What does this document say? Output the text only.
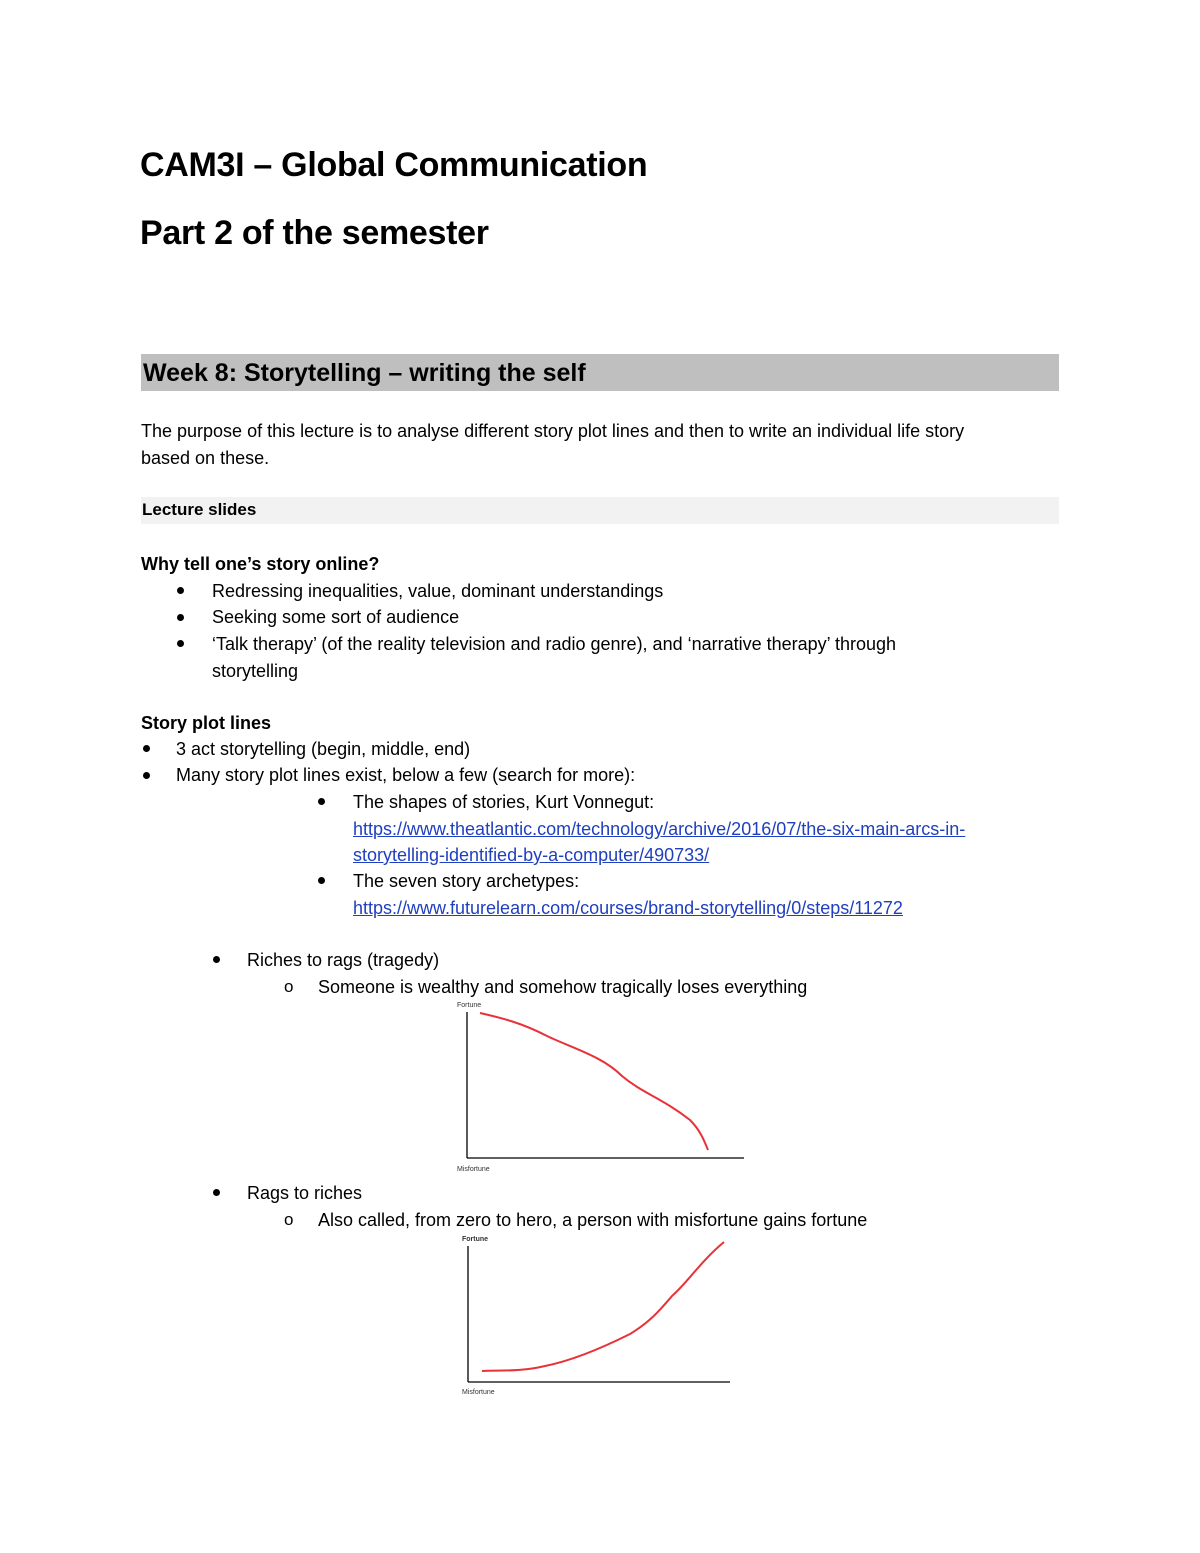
CAM3I – Global Communication
Part 2 of the semester
Week 8: Storytelling – writing the self
The purpose of this lecture is to analyse different story plot lines and then to write an individual life story
based on these.
Lecture slides
Why tell one’s story online?
Redressing inequalities, value, dominant understandings
Seeking some sort of audience
‘Talk therapy’ (of the reality television and radio genre), and ‘narrative therapy’ through
storytelling
Story plot lines
3 act storytelling (begin, middle, end)
Many story plot lines exist, below a few (search for more):
The shapes of stories, Kurt Vonnegut:
https://www.theatlantic.com/technology/archive/2016/07/the-six-main-arcs-in-
storytelling-identified-by-a-computer/490733/
The seven story archetypes:
https://www.futurelearn.com/courses/brand-storytelling/0/steps/11272
Riches to rags (tragedy)
o Someone is wealthy and somehow tragically loses everything
Fortune
Misfortune
Rags to riches
o Also called, from zero to hero, a person with misfortune gains fortune
Fortune
Misfortune
